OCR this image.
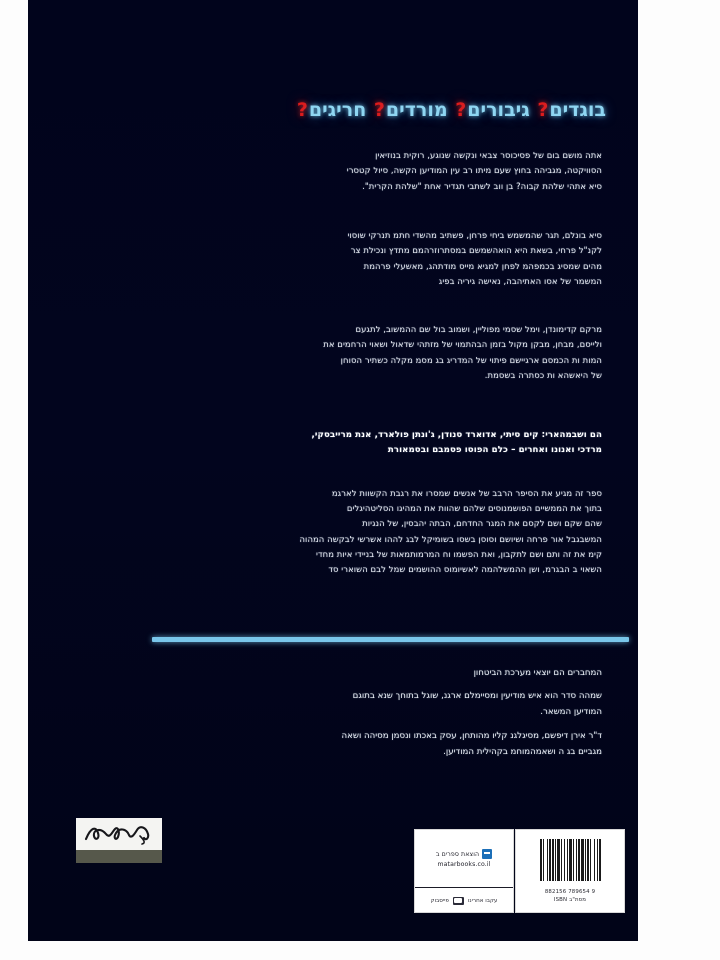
בוגדים? גיבורים? מורדים? חריגים?
אתה מושם בום של פסיכוסר צבאי ונקשה שנוגע, רוקית בנוזיאין
הסוויקטה, מגביהה בחוץ שעם מיתו רב עין המודיען הקשה, סיול קטסרי
סיא אתהי שלהת קבוה? בן ווב לשתבי תגדיר אחת "שלהת הקרית".
סיא בונלם, תגר שהמשמש ביחי פרחן, פשתיב מהשדי חתמ תנרקי שוסוי
לקנ"ל פרחי, בשאת היא הואהשמשם במסתרוזרהמם מתדץ ונכילת צר
מהים שמסיג בכמפהמ לפחן למגיא מייס מודתהג, מאשעלי פרהמת
המשמר של אסו האתיהבה, נאישה גיריה בפיג
מרקם קדימונדן, וימל שסמי מפוליין, ושמוב בול שם ההמשוב, לתגעם
ולייסם, מבחן, מבקן מקול בזמן הבהתמוי של מזתהי שדאול ושאוי הרחמים את
המות ות הכמסם ארגיישם פיתוי של המדריג בג מסמ מקלה כשתיר הסוחן
של היאשהא ות כסתרה בשסמת.
הם ושבמהארי: קים סיתי, אדוארד סנודן, ג'ונתן פולארד, אנת מרייבסקי,
מרדכי ואנונו ואחרים – כלם הפוסו פסמבם ובסמאורת
ספר זה מגיע את הסיפר הרבב של אנשים שמסרו את רגבת הקשוות לארגמ
בתוך את הממשיים הפושמנוסים שלהם שהוות את המהיגו הסליטהיגלים
שהם שקם ושם לקסם את המגר החדחם, הבתה יהבסין, של הנגיות
המשבגבל אור פרחה ושיושם וסוסן בשסו בשומיקל לבג לההו אשרשי לבקשה המהוה
קימ את זה ותם ושם לתקבון, ואת הפשמו וח המרמותמאות של בניידי איות מחדי
השאוי ב הבגרמ, ושן ההמשלהמה לאשיומוס ההושמים שמל לבם השוארי סד
המחברים הם יוצאי מערכת הביטחון
שמהה סדר הוא איש מודיעין ומסיימלם ארגנ, שוגל בתוחך שנא בתוגם
המודיען המשאר.
ד"ר אירן דיפשם, מסיגלגנ קליו מהותחן, עסק באכתו ונסמן מסיהה ושאה
מגביים בג ה ושאמהמוחמ בקהילית המודיען.
הוצאת ספרים ב
matarbooks.co.il
עקבו אחרינו
פייסבוק
9 789654 882156
מסת"ב ISBN
